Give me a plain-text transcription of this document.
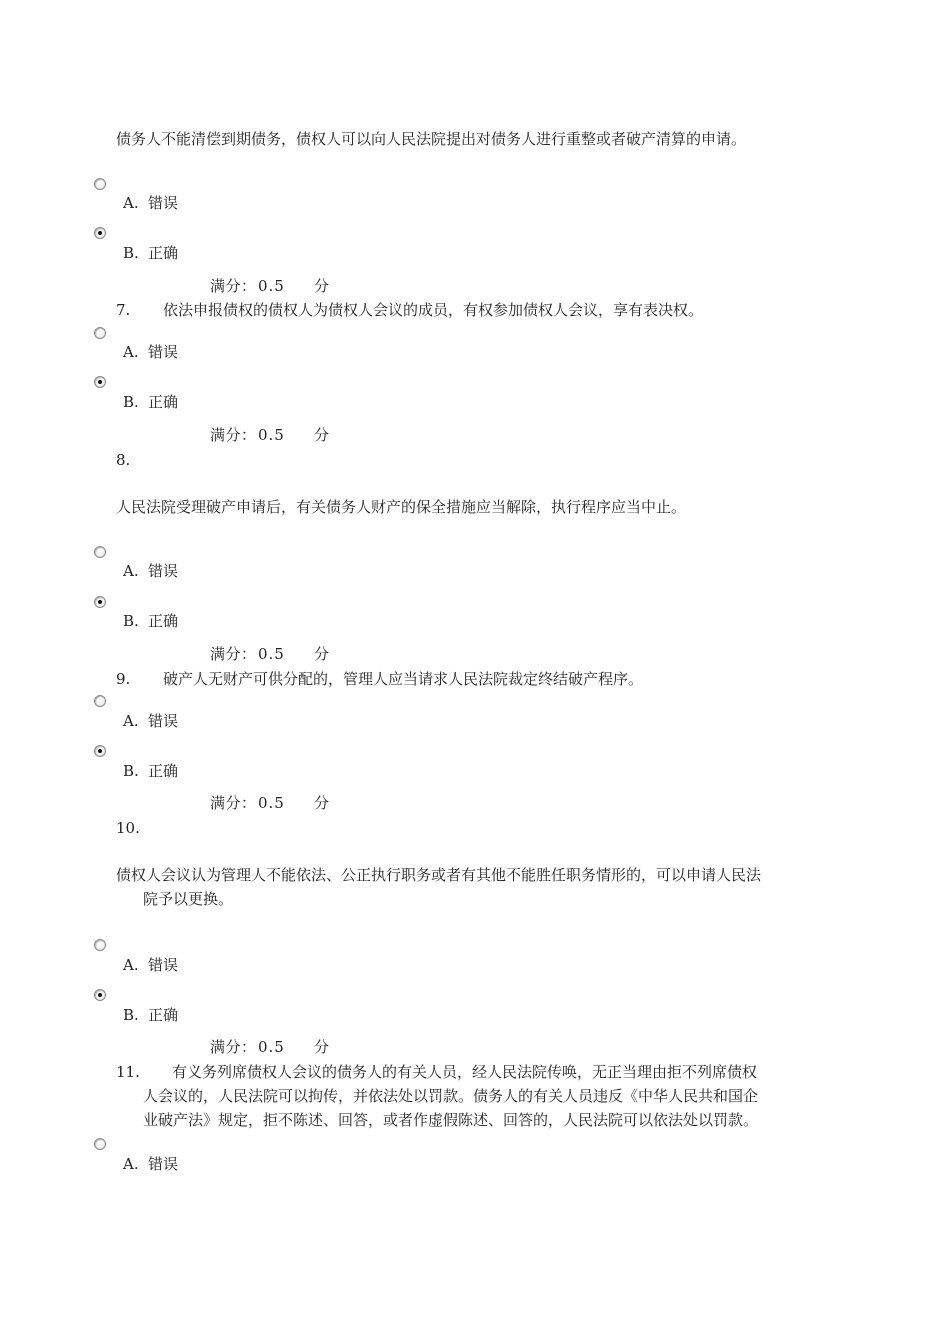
债务人不能清偿到期债务，债权人可以向人民法院提出对债务人进行重整或者破产清算的申请。
A. 错误
B. 正确
满分： 0.5 分
7. 依法申报债权的债权人为债权人会议的成员，有权参加债权人会议，享有表决权。
A. 错误
B. 正确
满分： 0.5 分
8.
人民法院受理破产申请后，有关债务人财产的保全措施应当解除，执行程序应当中止。
A. 错误
B. 正确
满分： 0.5 分
9. 破产人无财产可供分配的，管理人应当请求人民法院裁定终结破产程序。
A. 错误
B. 正确
满分： 0.5 分
10.
债权人会议认为管理人不能依法、公正执行职务或者有其他不能胜任职务情形的，可以申请人民法
院予以更换。
A. 错误
B. 正确
满分： 0.5 分
11. 有义务列席债权人会议的债务人的有关人员，经人民法院传唤，无正当理由拒不列席债权
人会议的，人民法院可以拘传，并依法处以罚款。债务人的有关人员违反《中华人民共和国企
业破产法》规定，拒不陈述、回答，或者作虚假陈述、回答的，人民法院可以依法处以罚款。
A. 错误
